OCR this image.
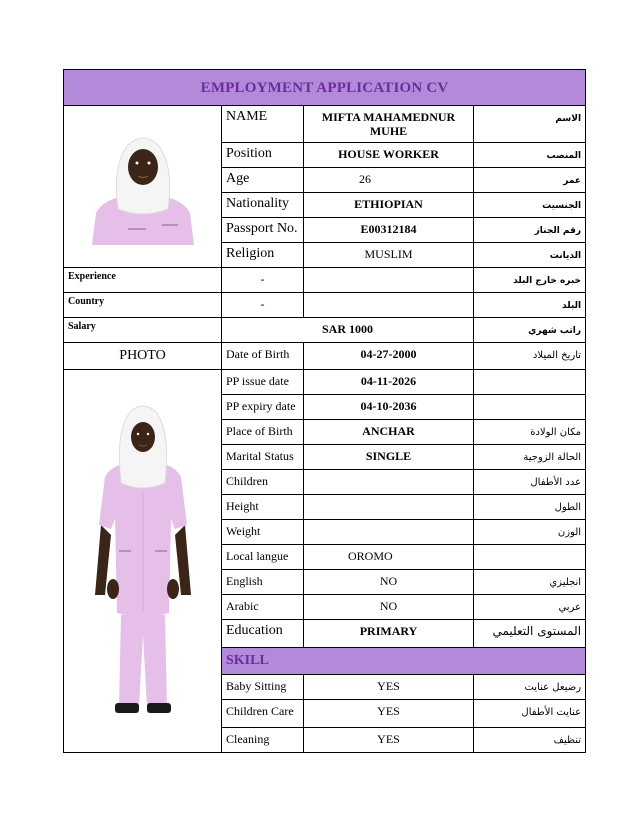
EMPLOYMENT APPLICATION CV			
	NAME	MIFTA MAHAMEDNUR MUHE	الاسم
	Position	HOUSE WORKER	المنصب
	Age	26	عمر
	Nationality	ETHIOPIAN	الجنسيت
	Passport No.	E00312184	رقم الجناز
	Religion	MUSLIM	الديانت
Experience	-		خبره خارج البلد
Country	-		البلد
Salary	SAR 1000		راتب شهري
PHOTO	Date of Birth	04-27-2000	تاريخ الميلاد
	PP issue date	04-11-2026	
	PP expiry date	04-10-2036	
	Place of Birth	ANCHAR	مكان الولادة
	Marital Status	SINGLE	الحالة الزوجية
	Children		عدد الأطفال
	Height		الطول
	Weight		الوزن
	Local langue	OROMO	
	English	NO	انجليزي
	Arabic	NO	عربي
	Education	PRIMARY	المستوى التعليمي
	SKILL		
	Baby Sitting	YES	رضيعل عنايت
	Children Care	YES	عنايت الأطفال
	Cleaning	YES	تنظيف
